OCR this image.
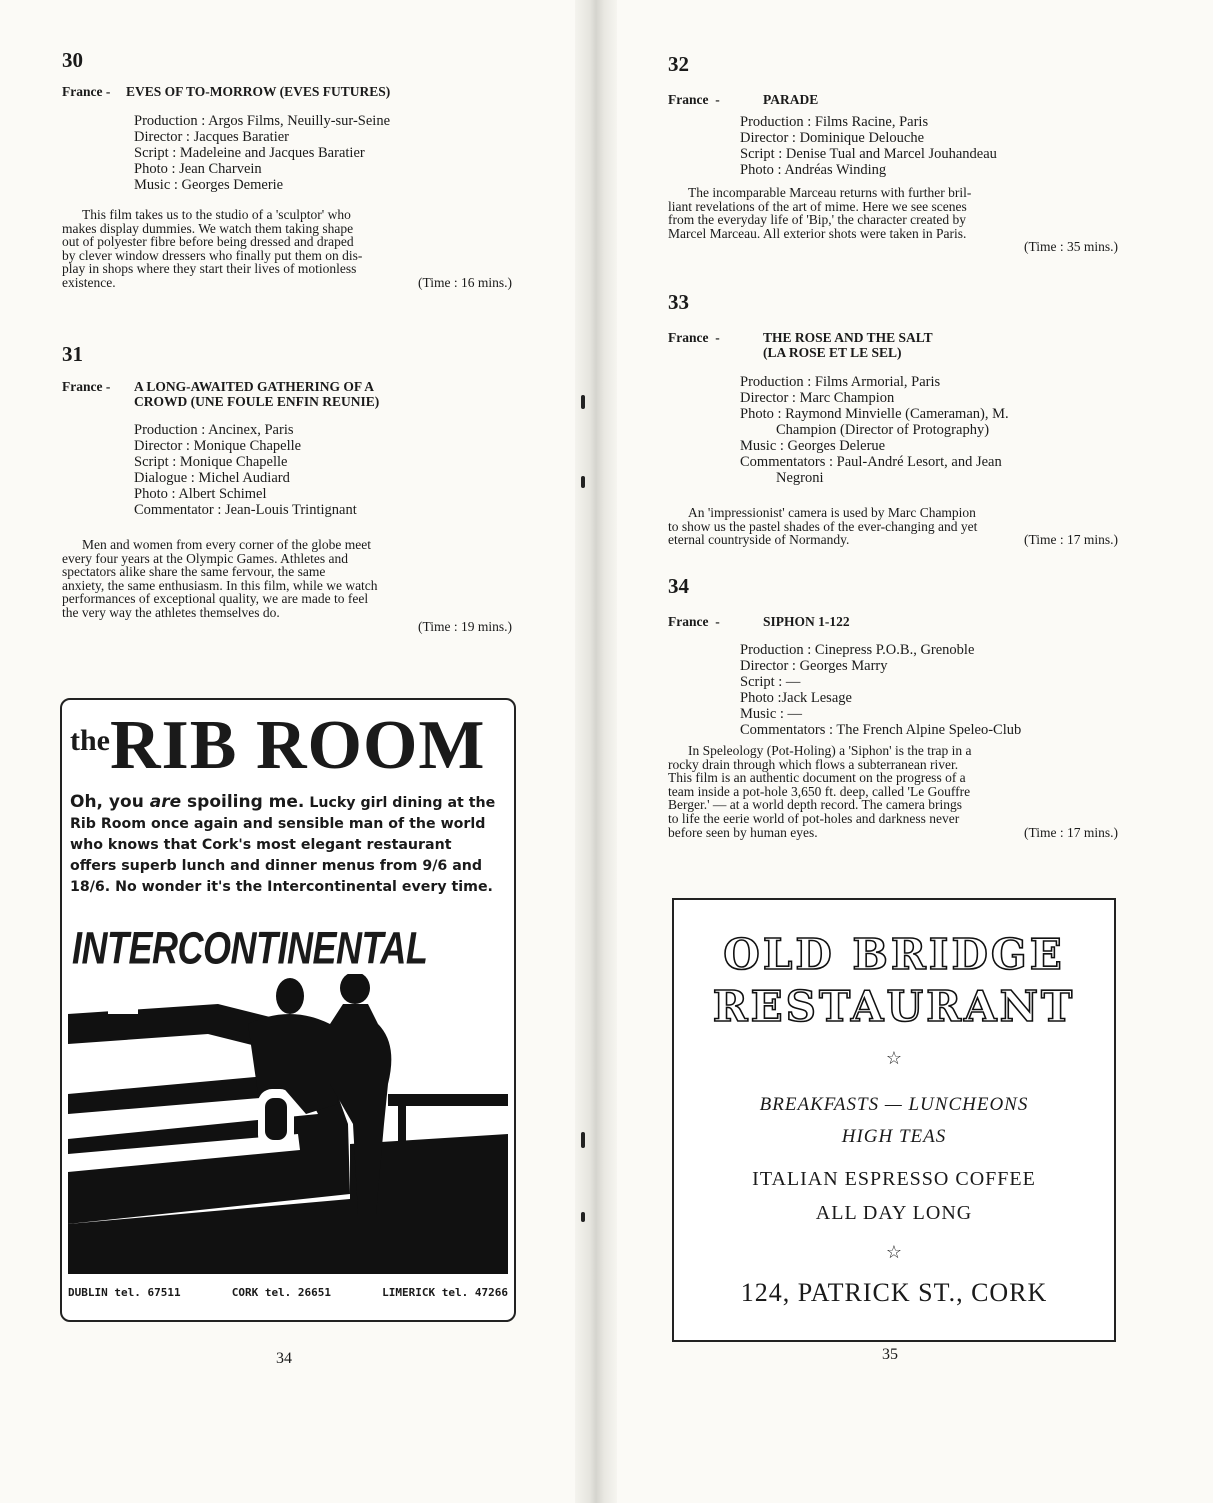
30
France - EVES OF TO-MORROW (EVES FUTURES)
Production : Argos Films, Neuilly-sur-Seine
Director : Jacques Baratier
Script : Madeleine and Jacques Baratier
Photo : Jean Charvein
Music : Georges Demerie
This film takes us to the studio of a 'sculptor' who
makes display dummies. We watch them taking shape
out of polyester fibre before being dressed and draped
by clever window dressers who finally put them on dis-
play in shops where they start their lives of motionless
existence.	(Time : 16 mins.)
31
France - A LONG-AWAITED GATHERING OF A
CROWD (UNE FOULE ENFIN REUNIE)
Production : Ancinex, Paris
Director : Monique Chapelle
Script : Monique Chapelle
Dialogue : Michel Audiard
Photo : Albert Schimel
Commentator : Jean-Louis Trintignant
Men and women from every corner of the globe meet
every four years at the Olympic Games. Athletes and
spectators alike share the same fervour, the same
anxiety, the same enthusiasm. In this film, while we watch
performances of exceptional quality, we are made to feel
the very way the athletes themselves do.
(Time : 19 mins.)
34
theRIB ROOM
Oh, you are spoiling me. Lucky girl dining at the Rib Room once again and sensible man of the world who knows that Cork's most elegant restaurant offers superb lunch and dinner menus from 9/6 and 18/6. No wonder it's the Intercontinental every time.
INTERCONTINENTAL
DUBLIN tel. 67511	CORK tel. 26651	LIMERICK tel. 47266
32
France -	PARADE
Production : Films Racine, Paris
Director : Dominique Delouche
Script : Denise Tual and Marcel Jouhandeau
Photo : Andréas Winding
The incomparable Marceau returns with further bril-
liant revelations of the art of mime. Here we see scenes
from the everyday life of 'Bip,' the character created by
Marcel Marceau. All exterior shots were taken in Paris.
(Time : 35 mins.)
33
France -	THE ROSE AND THE SALT
(LA ROSE ET LE SEL)
Production : Films Armorial, Paris
Director : Marc Champion
Photo : Raymond Minvielle (Cameraman), M.
Champion (Director of Protography)
Music : Georges Delerue
Commentators : Paul-André Lesort, and Jean
Negroni
An 'impressionist' camera is used by Marc Champion
to show us the pastel shades of the ever-changing and yet
eternal countryside of Normandy.	(Time : 17 mins.)
34
France -	SIPHON 1-122
Production : Cinepress P.O.B., Grenoble
Director : Georges Marry
Script : —
Photo :Jack Lesage
Music : —
Commentators : The French Alpine Speleo-Club
In Speleology (Pot-Holing) a 'Siphon' is the trap in a
rocky drain through which flows a subterranean river.
This film is an authentic document on the progress of a
team inside a pot-hole 3,650 ft. deep, called 'Le Gouffre
Berger.' — at a world depth record. The camera brings
to life the eerie world of pot-holes and darkness never
before seen by human eyes.	(Time : 17 mins.)
35
OLD BRIDGE
RESTAURANT
☆
BREAKFASTS — LUNCHEONS
HIGH TEAS
ITALIAN ESPRESSO COFFEE
ALL DAY LONG
☆
124, PATRICK ST., CORK
